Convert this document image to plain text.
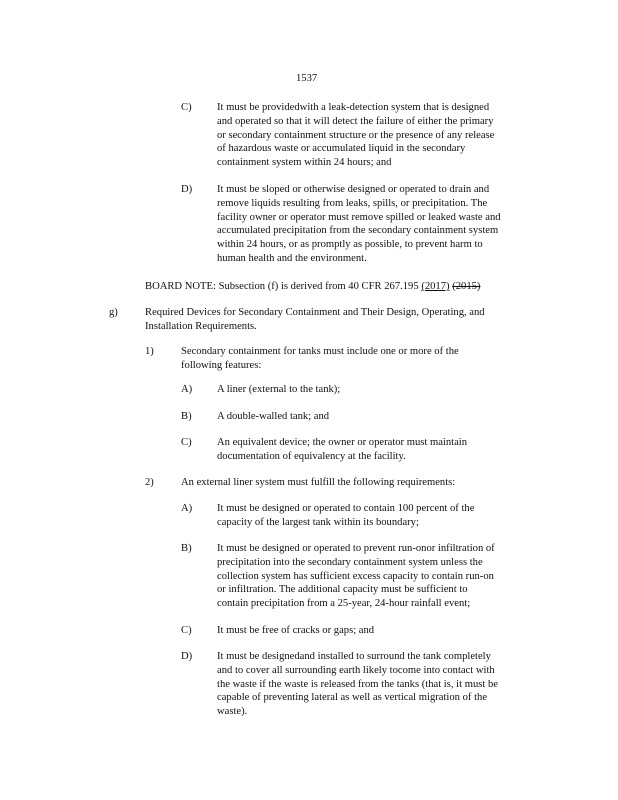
1537
C) It must be providedwith a leak-detection system that is designed
and operated so that it will detect the failure of either the primary
or secondary containment structure or the presence of any release
of hazardous waste or accumulated liquid in the secondary
containment system within 24 hours; and
D) It must be sloped or otherwise designed or operated to drain and
remove liquids resulting from leaks, spills, or precipitation. The
facility owner or operator must remove spilled or leaked waste and
accumulated precipitation from the secondary containment system
within 24 hours, or as promptly as possible, to prevent harm to
human health and the environment.
BOARD NOTE: Subsection (f) is derived from 40 CFR 267.195 (2017) (2015)
g)	Required Devices for Secondary Containment and Their Design, Operating, and
Installation Requirements.
1)	Secondary containment for tanks must include one or more of the
following features:
A) A liner (external to the tank);
B) A double-walled tank; and
C) An equivalent device; the owner or operator must maintain
documentation of equivalency at the facility.
2)	An external liner system must fulfill the following requirements:
A) It must be designed or operated to contain 100 percent of the
capacity of the largest tank within its boundary;
B) It must be designed or operated to prevent run-onor infiltration of
precipitation into the secondary containment system unless the
collection system has sufficient excess capacity to contain run-on
or infiltration. The additional capacity must be sufficient to
contain precipitation from a 25-year, 24-hour rainfall event;
C) It must be free of cracks or gaps; and
D) It must be designedand installed to surround the tank completely
and to cover all surrounding earth likely tocome into contact with
the waste if the waste is released from the tanks (that is, it must be
capable of preventing lateral as well as vertical migration of the
waste).
